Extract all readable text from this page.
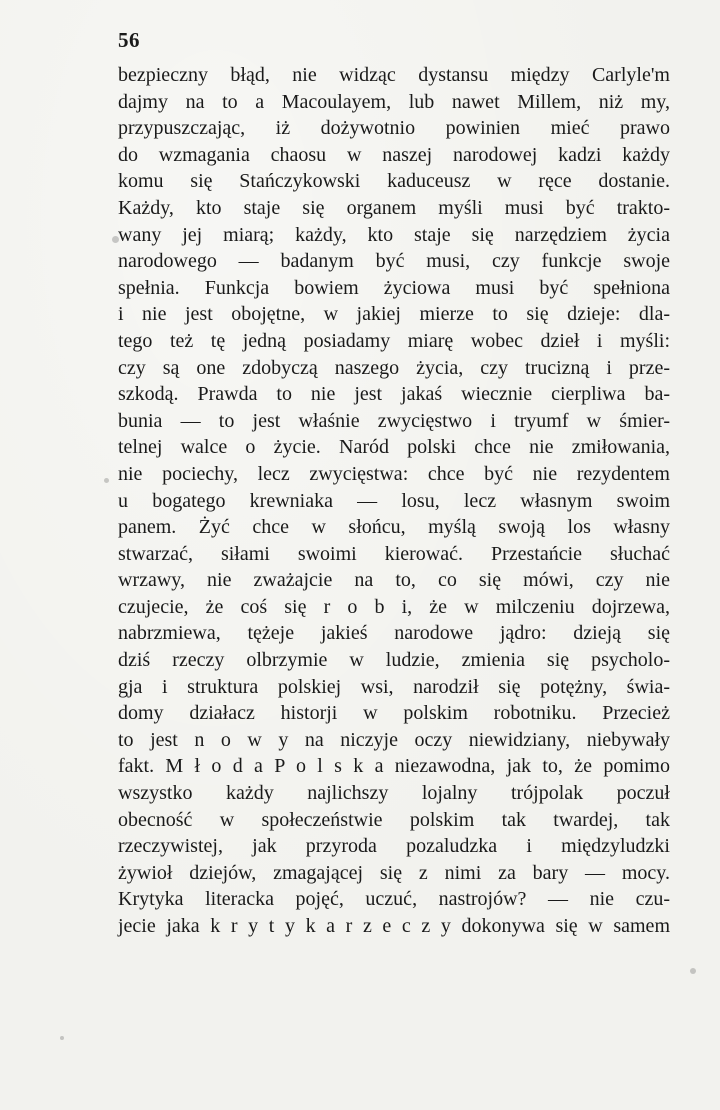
56
bezpieczny błąd, nie widząc dystansu między Carlyle'm
dajmy na to a Macoulayem, lub nawet Millem, niż my,
przypuszczając, iż dożywotnio powinien mieć prawo
do wzmagania chaosu w naszej narodowej kadzi każdy
komu się Stańczykowski kaduceusz w ręce dostanie.
Każdy, kto staje się organem myśli musi być trakto-
wany jej miarą; każdy, kto staje się narzędziem życia
narodowego — badanym być musi, czy funkcje swoje
spełnia. Funkcja bowiem życiowa musi być spełniona
i nie jest obojętne, w jakiej mierze to się dzieje: dla-
tego też tę jedną posiadamy miarę wobec dzieł i myśli:
czy są one zdobyczą naszego życia, czy trucizną i prze-
szkodą. Prawda to nie jest jakaś wiecznie cierpliwa ba-
bunia — to jest właśnie zwycięstwo i tryumf w śmier-
telnej walce o życie. Naród polski chce nie zmiłowania,
nie pociechy, lecz zwycięstwa: chce być nie rezydentem
u bogatego krewniaka — losu, lecz własnym swoim
panem. Żyć chce w słońcu, myślą swoją los własny
stwarzać, siłami swoimi kierować. Przestańcie słuchać
wrzawy, nie zważajcie na to, co się mówi, czy nie
czujecie, że coś się r o b i, że w milczeniu dojrzewa,
nabrzmiewa, tężeje jakieś narodowe jądro: dzieją się
dziś rzeczy olbrzymie w ludzie, zmienia się psycholo-
gja i struktura polskiej wsi, narodził się potężny, świa-
domy działacz historji w polskim robotniku. Przecież
to jest n o w y na niczyje oczy niewidziany, niebywały
fakt. M ł o d a P o l s k a niezawodna, jak to, że pomimo
wszystko każdy najlichszy lojalny trójpolak poczuł
obecność w społeczeństwie polskim tak twardej, tak
rzeczywistej, jak przyroda pozaludzka i międzyludzki
żywioł dziejów, zmagającej się z nimi za bary — mocy.
Krytyka literacka pojęć, uczuć, nastrojów? — nie czu-
jecie jaka k r y t y k a r z e c z y dokonywa się w samem
